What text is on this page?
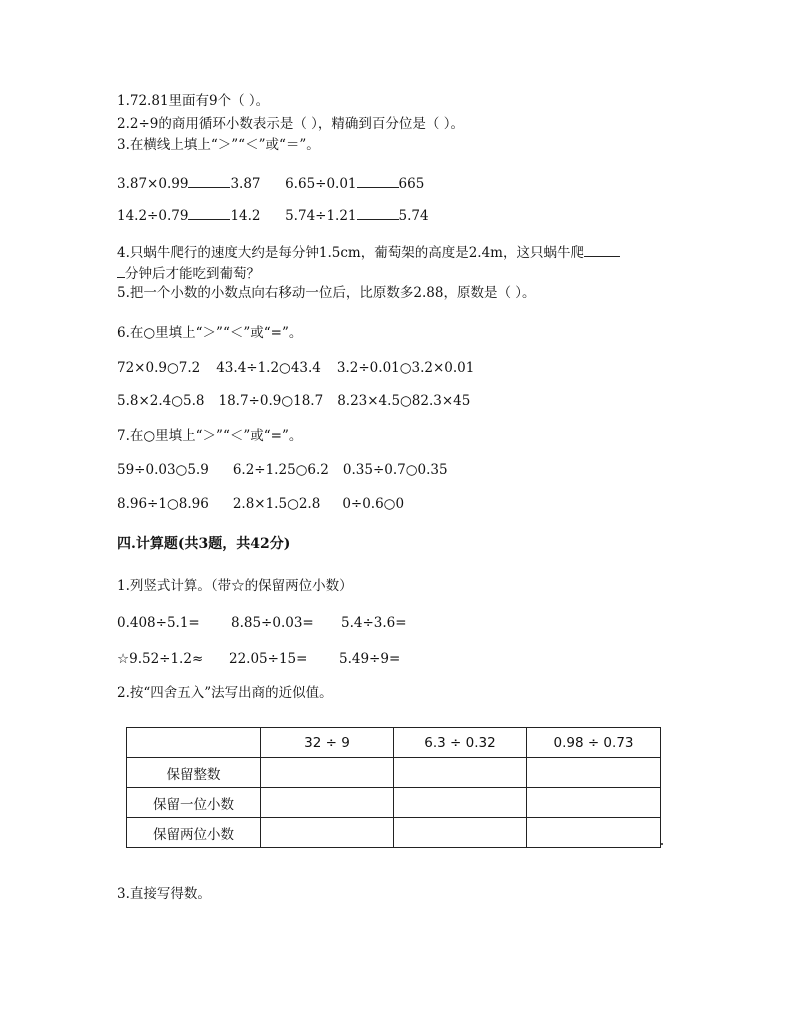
1.72.81里面有9个（ ）。
2.2÷9的商用循环小数表示是（ ），精确到百分位是（ ）。
3.在横线上填上“＞”“＜”或“＝”。
3.87×0.99	3.87 6.65÷0.01	665
14.2÷0.79	14.2 5.74÷1.21	5.74
4.只蜗牛爬行的速度大约是每分钟1.5cm，葡萄架的高度是2.4m，这只蜗牛爬
分钟后才能吃到葡萄？
5.把一个小数的小数点向右移动一位后，比原数多2.88，原数是（ ）。
6.在○里填上“＞”“＜”或“=”。
72×0.9○7.2 43.4÷1.2○43.4 3.2÷0.01○3.2×0.01
5.8×2.4○5.8 18.7÷0.9○18.7 8.23×4.5○82.3×45
7.在○里填上“＞”“＜”或“=”。
59÷0.03○5.9 6.2÷1.25○6.2 0.35÷0.7○0.35
8.96÷1○8.96 2.8×1.5○2.8 0÷0.6○0
四.计算题(共3题，共42分)
1.列竖式计算。（带☆的保留两位小数）
0.408÷5.1= 8.85÷0.03= 5.4÷3.6=
☆9.52÷1.2≈ 22.05÷15= 5.49÷9=
2.按“四舍五入”法写出商的近似值。
	32 ÷ 9	6.3 ÷ 0.32	0.98 ÷ 0.73
保留整数			
保留一位小数			
保留两位小数			
3.直接写得数。
